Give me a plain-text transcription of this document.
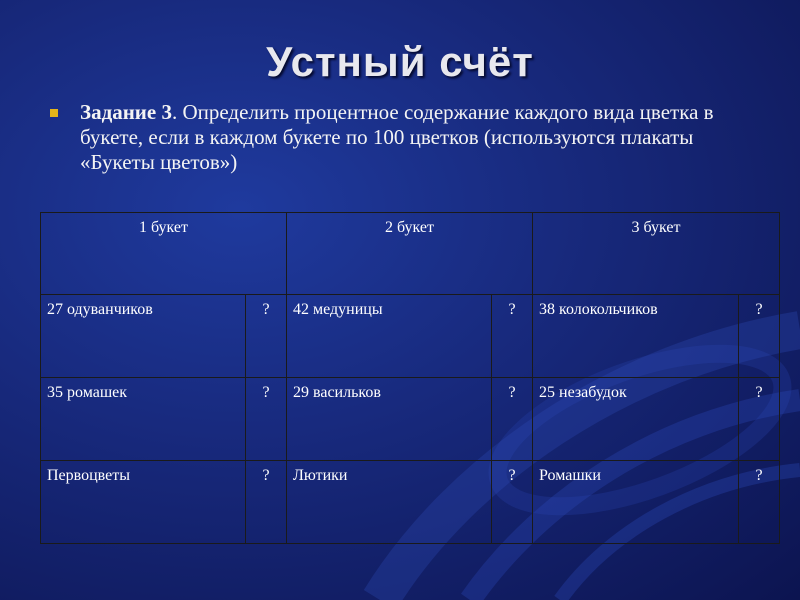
Устный счёт
Задание 3. Определить процентное содержание каждого вида цветка в букете, если в каждом букете по 100 цветков (используются плакаты «Букеты цветов»)
1 букет		2 букет		3 букет	
27 одуванчиков	?	42 медуницы	?	38 колокольчиков	?
35 ромашек	?	29 васильков	?	25 незабудок	?
Первоцветы	?	Лютики	?	Ромашки	?
